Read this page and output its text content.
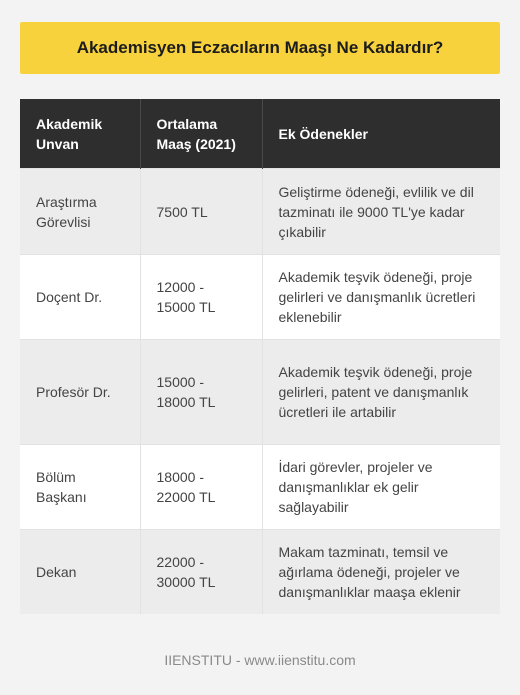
Akademisyen Eczacıların Maaşı Ne Kadardır?
Akademik Unvan	Ortalama Maaş (2021)	Ek Ödenekler
Araştırma Görevlisi	7500 TL	Geliştirme ödeneği, evlilik ve dil tazminatı ile 9000 TL'ye kadar çıkabilir
Doçent Dr.	12000 - 15000 TL	Akademik teşvik ödeneği, proje gelirleri ve danışmanlık ücretleri eklenebilir
Profesör Dr.	15000 - 18000 TL	Akademik teşvik ödeneği, proje gelirleri, patent ve danışmanlık ücretleri ile artabilir
Bölüm Başkanı	18000 - 22000 TL	İdari görevler, projeler ve danışmanlıklar ek gelir sağlayabilir
Dekan	22000 - 30000 TL	Makam tazminatı, temsil ve ağırlama ödeneği, projeler ve danışmanlıklar maaşa eklenir
IIENSTITU - www.iienstitu.com
